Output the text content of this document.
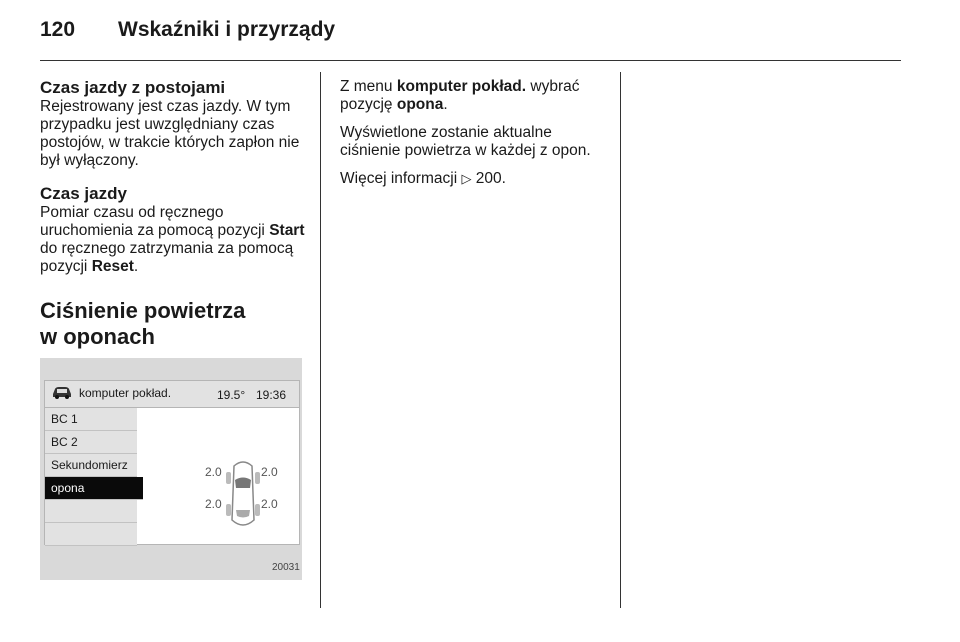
120 Wskaźniki i przyrządy
Czas jazdy z postojami

Rejestrowany jest czas jazdy. W tym przypadku jest uwzględniany czas postojów, w trakcie których zapłon nie był wyłączony.

Czas jazdy

Pomiar czasu od ręcznego uruchomienia za pomocą pozycji Start do ręcznego zatrzymania za pomocą pozycji Reset.

Ciśnienie powietrza
w oponach
komputer pokład.	19.5° 19:36
BC 1
BC 2
Sekundomierz
opona
2.0	2.0
2.0	2.0
20031

Z menu komputer pokład. wybrać pozycję opona.

Wyświetlone zostanie aktualne ciśnienie powietrza w każdej z opon.

Więcej informacji ▷ 200.
